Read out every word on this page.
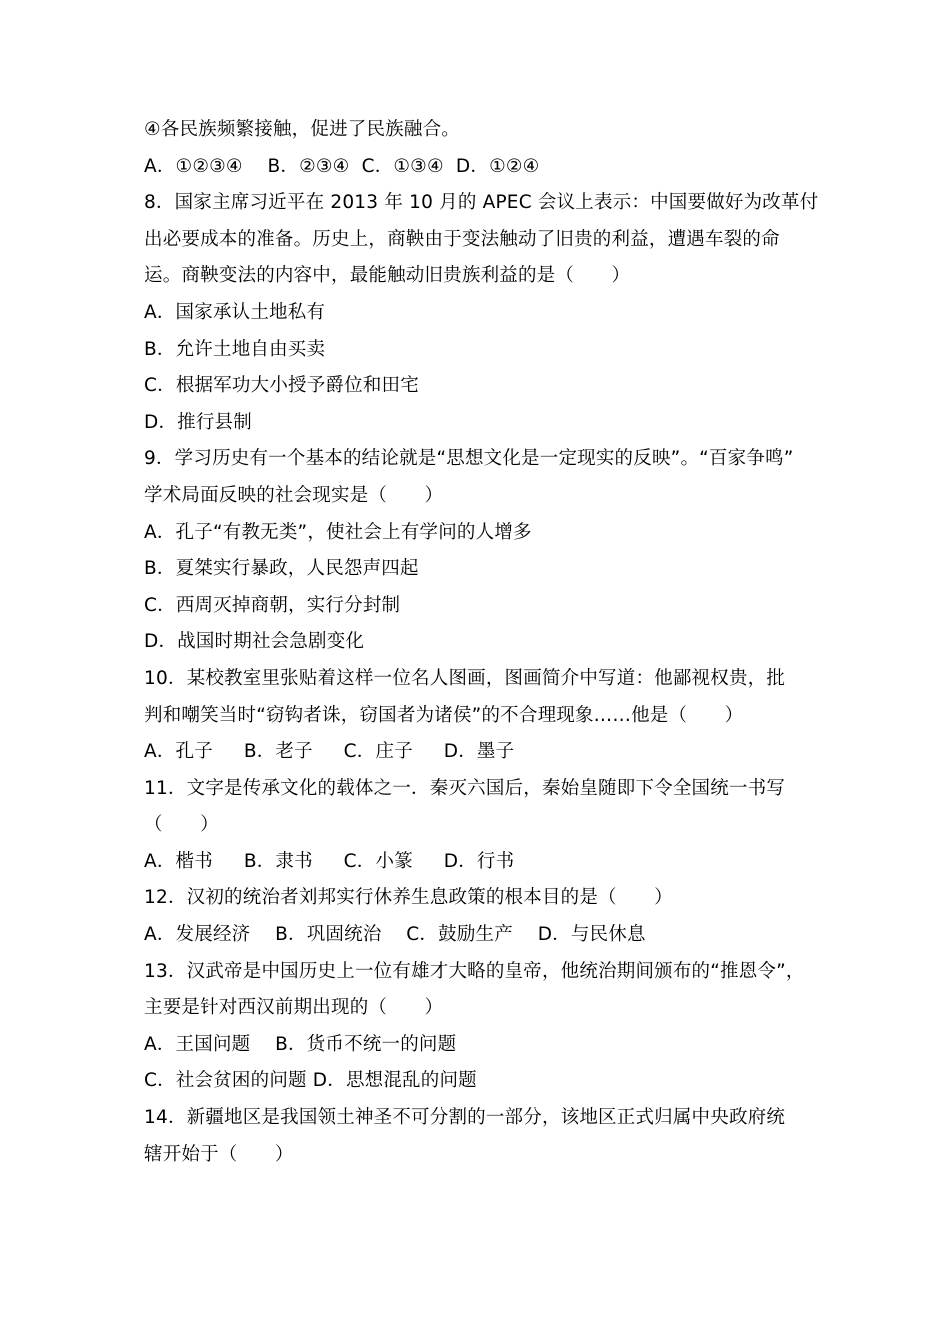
④各民族频繁接触，促进了民族融合。
A．①②③④　 B．②③④  C．①③④  D．①②④
8．国家主席习近平在 2013 年 10 月的 APEC 会议上表示：中国要做好为改革付
出必要成本的准备。历史上，商鞅由于变法触动了旧贵的利益，遭遇车裂的命
运。商鞅变法的内容中，最能触动旧贵族利益的是（　　）
A．国家承认土地私有
B．允许土地自由买卖
C．根据军功大小授予爵位和田宅
D．推行县制
9．学习历史有一个基本的结论就是“思想文化是一定现实的反映”。“百家争鸣”
学术局面反映的社会现实是（　　）
A．孔子“有教无类”，使社会上有学问的人增多
B．夏桀实行暴政，人民怨声四起
C．西周灭掉商朝，实行分封制
D．战国时期社会急剧变化
10．某校教室里张贴着这样一位名人图画，图画简介中写道：他鄙视权贵，批
判和嘲笑当时“窃钩者诛，窃国者为诸侯”的不合理现象……他是（　　）
A．孔子　  B．老子　  C．庄子　  D．墨子
11．文字是传承文化的载体之一．秦灭六国后，秦始皇随即下令全国统一书写
（　　）
A．楷书　  B．隶书　  C．小篆　  D．行书
12．汉初的统治者刘邦实行休养生息政策的根本目的是（　　）
A．发展经济　 B．巩固统治　 C．鼓励生产　 D．与民休息
13．汉武帝是中国历史上一位有雄才大略的皇帝，他统治期间颁布的“推恩令”，
主要是针对西汉前期出现的（　　）
A．王国问题　 B．货币不统一的问题
C．社会贫困的问题 D．思想混乱的问题
14．新疆地区是我国领土神圣不可分割的一部分，该地区正式归属中央政府统
辖开始于（　　）
